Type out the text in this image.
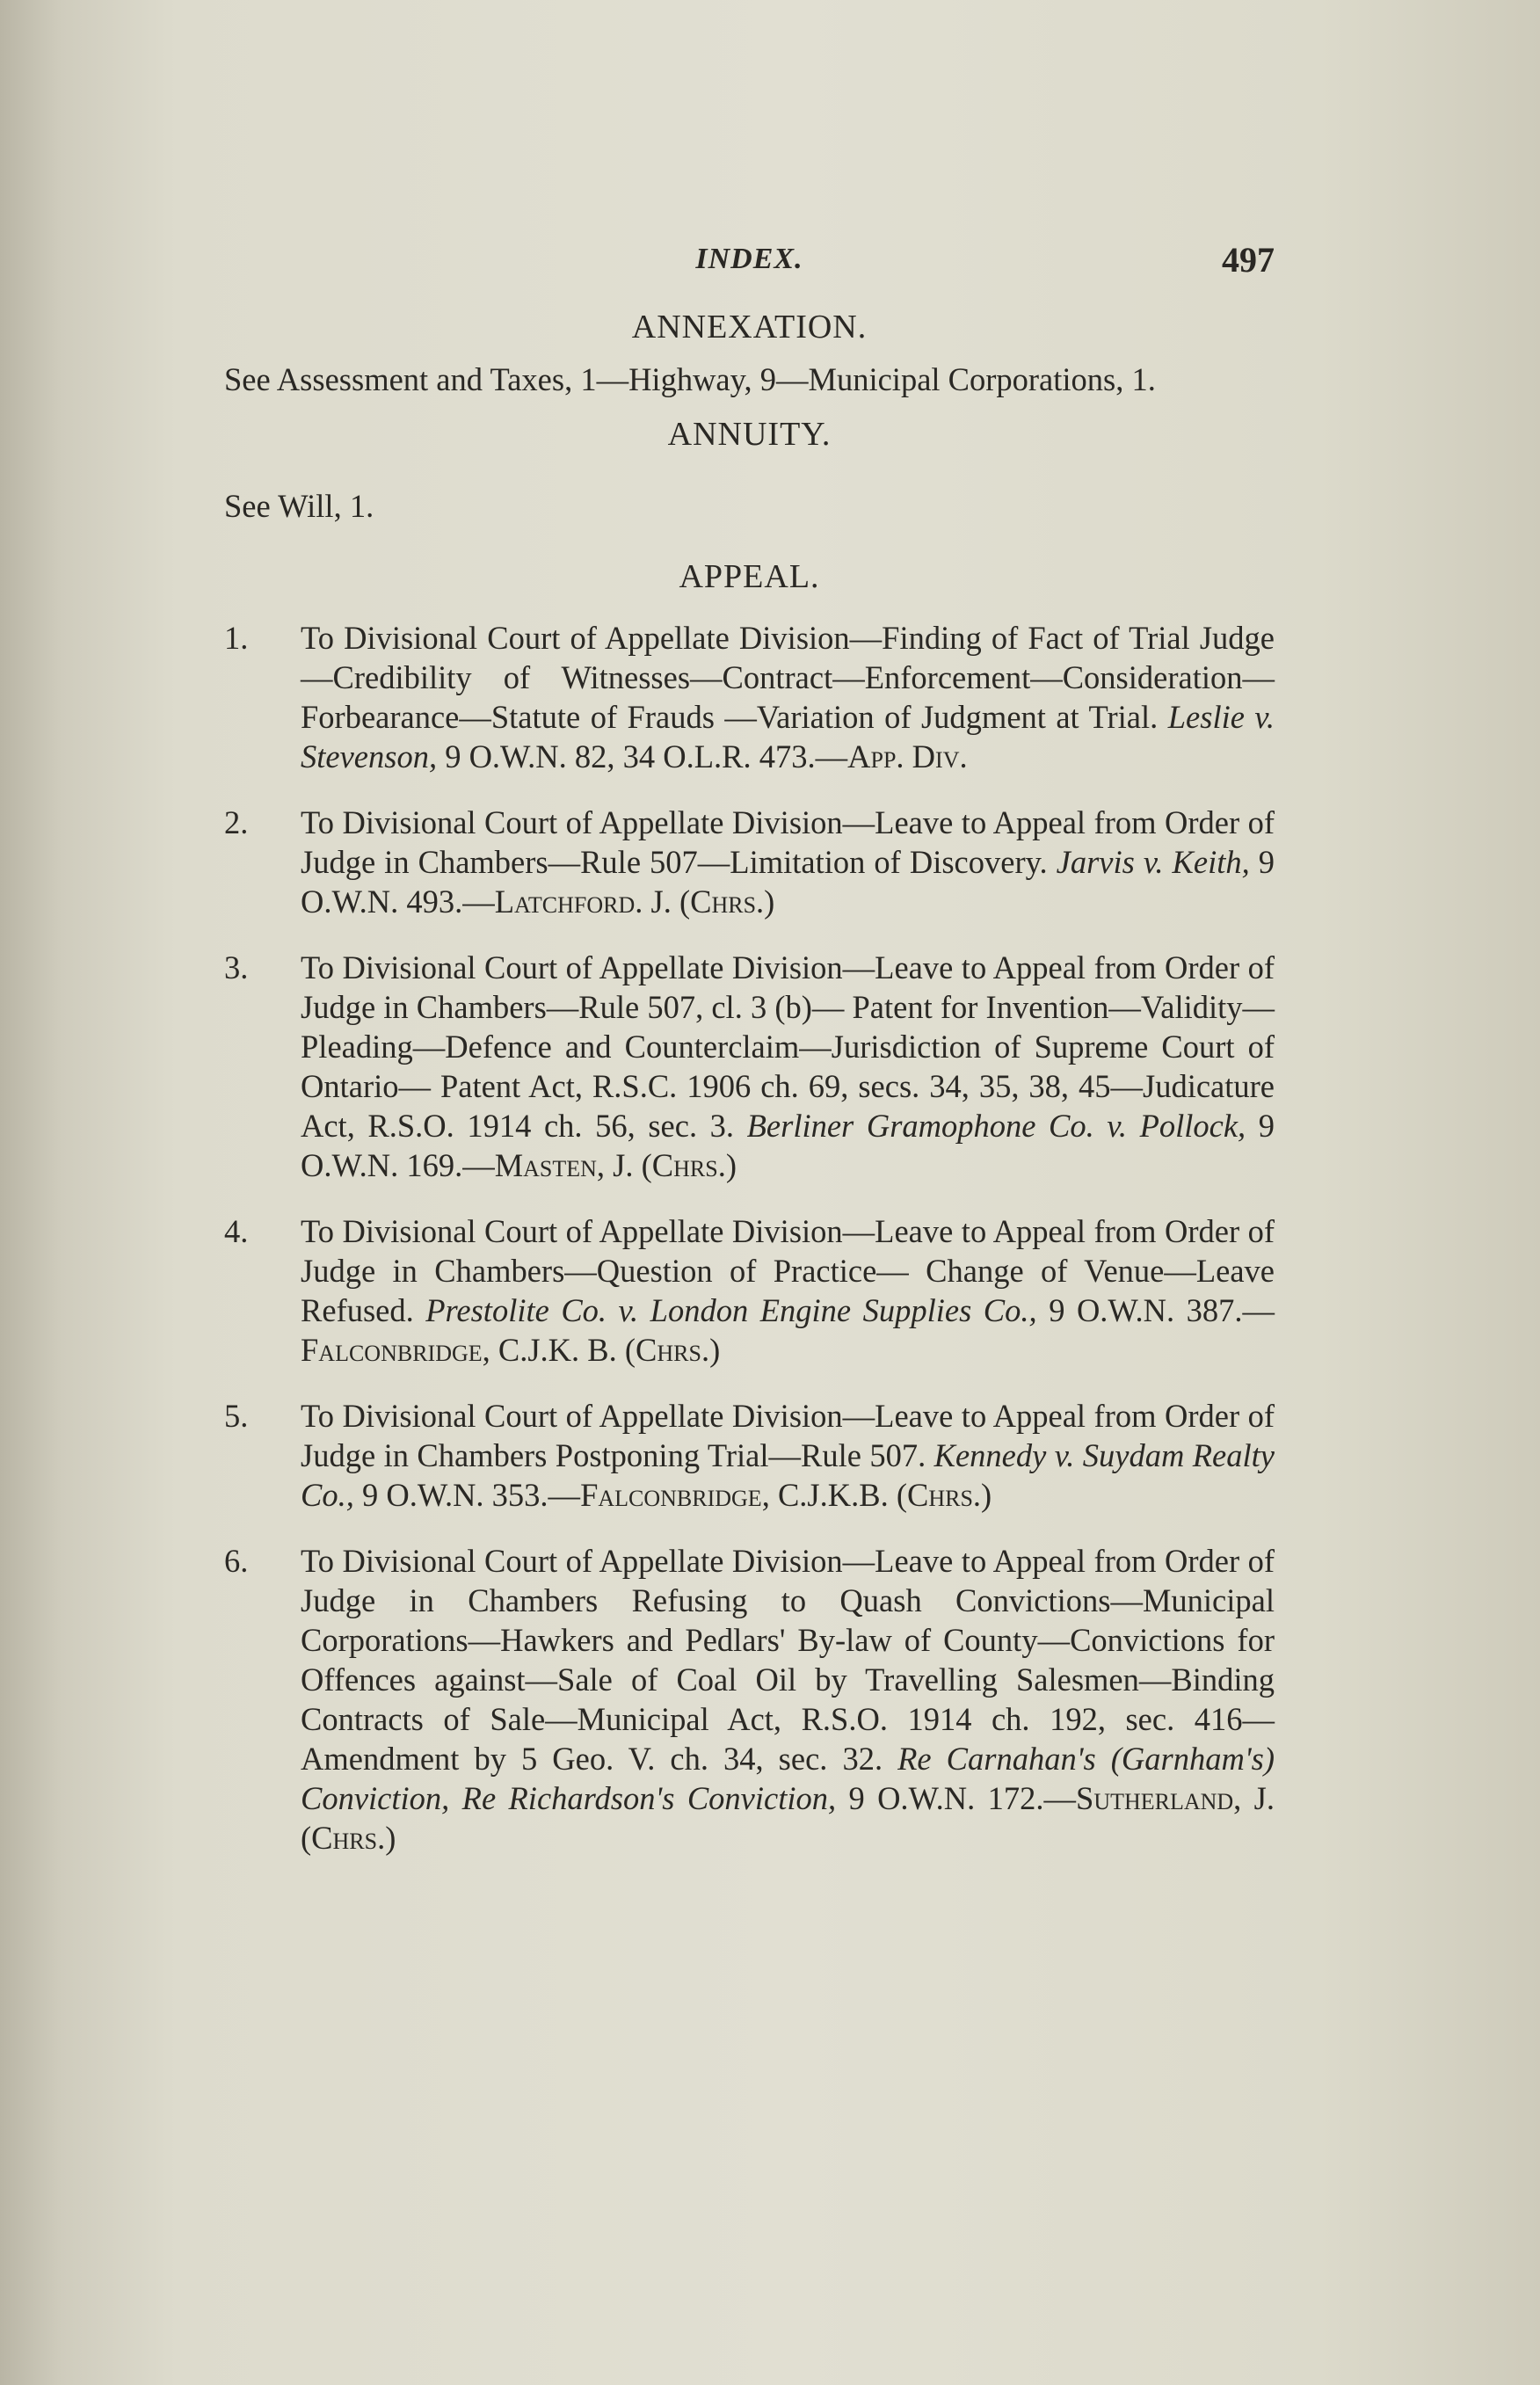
INDEX.	497

ANNEXATION.

See Assessment and Taxes, 1—Highway, 9—Municipal Corporations, 1.

ANNUITY.

See Will, 1.

APPEAL.

1. To Divisional Court of Appellate Division—Finding of Fact of Trial Judge—Credibility of Witnesses—Contract—Enforcement—Consideration—Forbearance—Statute of Frauds —Variation of Judgment at Trial. Leslie v. Stevenson, 9 O.W.N. 82, 34 O.L.R. 473.—App. Div.
2. To Divisional Court of Appellate Division—Leave to Appeal from Order of Judge in Chambers—Rule 507—Limitation of Discovery. Jarvis v. Keith, 9 O.W.N. 493.—Latchford. J. (Chrs.)
3. To Divisional Court of Appellate Division—Leave to Appeal from Order of Judge in Chambers—Rule 507, cl. 3 (b)— Patent for Invention—Validity—Pleading—Defence and Counterclaim—Jurisdiction of Supreme Court of Ontario— Patent Act, R.S.C. 1906 ch. 69, secs. 34, 35, 38, 45—Judicature Act, R.S.O. 1914 ch. 56, sec. 3. Berliner Gramophone Co. v. Pollock, 9 O.W.N. 169.—Masten, J. (Chrs.)
4. To Divisional Court of Appellate Division—Leave to Appeal from Order of Judge in Chambers—Question of Practice— Change of Venue—Leave Refused. Prestolite Co. v. London Engine Supplies Co., 9 O.W.N. 387.—Falconbridge, C.J.K. B. (Chrs.)
5. To Divisional Court of Appellate Division—Leave to Appeal from Order of Judge in Chambers Postponing Trial—Rule 507. Kennedy v. Suydam Realty Co., 9 O.W.N. 353.—Falconbridge, C.J.K.B. (Chrs.)
6. To Divisional Court of Appellate Division—Leave to Appeal from Order of Judge in Chambers Refusing to Quash Convictions—Municipal Corporations—Hawkers and Pedlars' By-law of County—Convictions for Offences against—Sale of Coal Oil by Travelling Salesmen—Binding Contracts of Sale—Municipal Act, R.S.O. 1914 ch. 192, sec. 416—Amendment by 5 Geo. V. ch. 34, sec. 32. Re Carnahan's (Garnham's) Conviction, Re Richardson's Conviction, 9 O.W.N. 172.—Sutherland, J. (Chrs.)
